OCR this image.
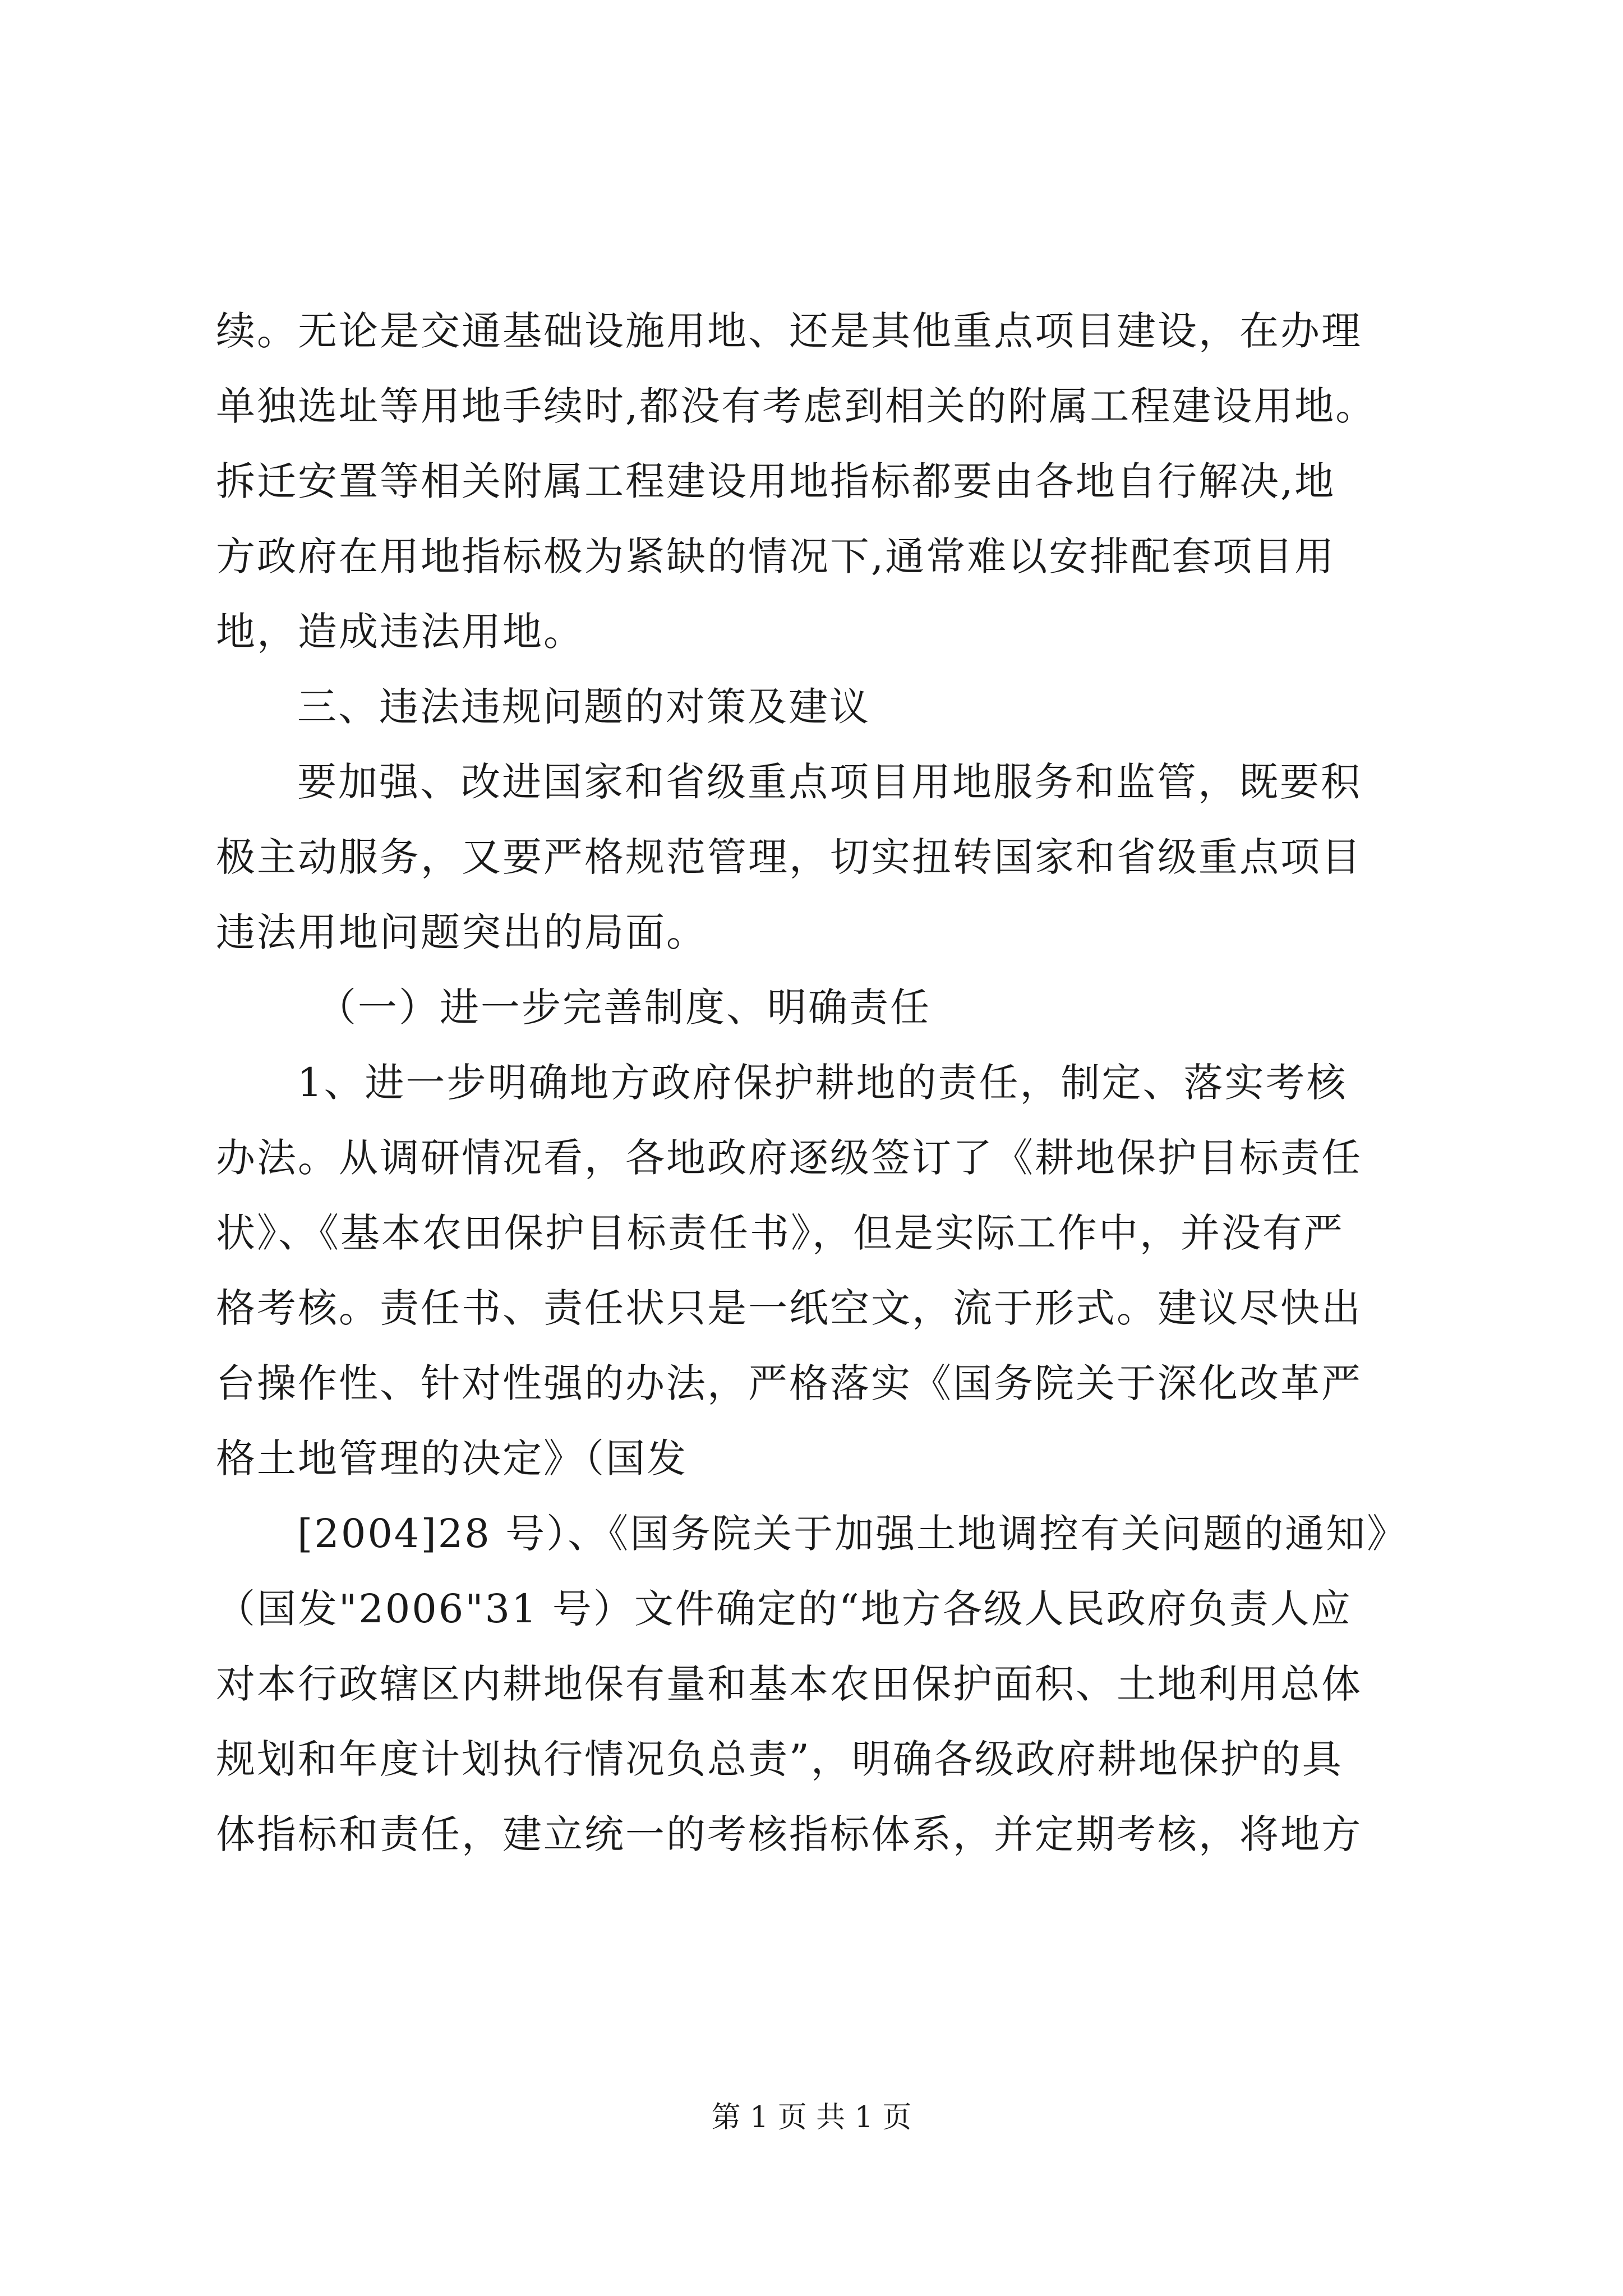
续。无论是交通基础设施用地、还是其他重点项目建设，在办理
单独选址等用地手续时,都没有考虑到相关的附属工程建设用地。
拆迁安置等相关附属工程建设用地指标都要由各地自行解决,地
方政府在用地指标极为紧缺的情况下,通常难以安排配套项目用
地，造成违法用地。
三、违法违规问题的对策及建议
要加强、改进国家和省级重点项目用地服务和监管，既要积
极主动服务，又要严格规范管理，切实扭转国家和省级重点项目
违法用地问题突出的局面。
（一）进一步完善制度、明确责任
1、进一步明确地方政府保护耕地的责任，制定、落实考核
办法。从调研情况看，各地政府逐级签订了《耕地保护目标责任
状》、《基本农田保护目标责任书》，但是实际工作中，并没有严
格考核。责任书、责任状只是一纸空文，流于形式。建议尽快出
台操作性、针对性强的办法，严格落实《国务院关于深化改革严
格土地管理的决定》（国发
[2004]28 号）、《国务院关于加强土地调控有关问题的通知》
（国发"2006"31 号）文件确定的“地方各级人民政府负责人应
对本行政辖区内耕地保有量和基本农田保护面积、土地利用总体
规划和年度计划执行情况负总责”，明确各级政府耕地保护的具
体指标和责任，建立统一的考核指标体系，并定期考核，将地方
第 1 页 共 1 页
